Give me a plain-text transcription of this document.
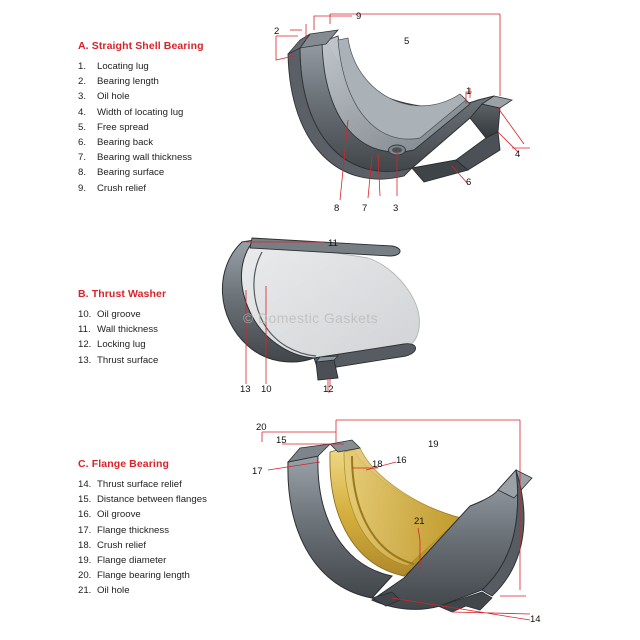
A. Straight Shell Bearing
1. Locating lug
2. Bearing length
3. Oil hole
4. Width of locating lug
5. Free spread
6. Bearing back
7. Bearing wall thickness
8. Bearing surface
9. Crush relief
B. Thrust Washer
10. Oil groove
11. Wall thickness
12. Locking lug
13. Thrust surface
C. Flange Bearing
14. Thrust surface relief
15. Distance between flanges
16. Oil groove
17. Flange thickness
18. Crush relief
19. Flange diameter
20. Flange bearing length
21. Oil hole
9
2
5
1
4
6
8 7	3
11
13 10	12
20
15
17
19
18 16
21
14
© Domestic Gaskets
